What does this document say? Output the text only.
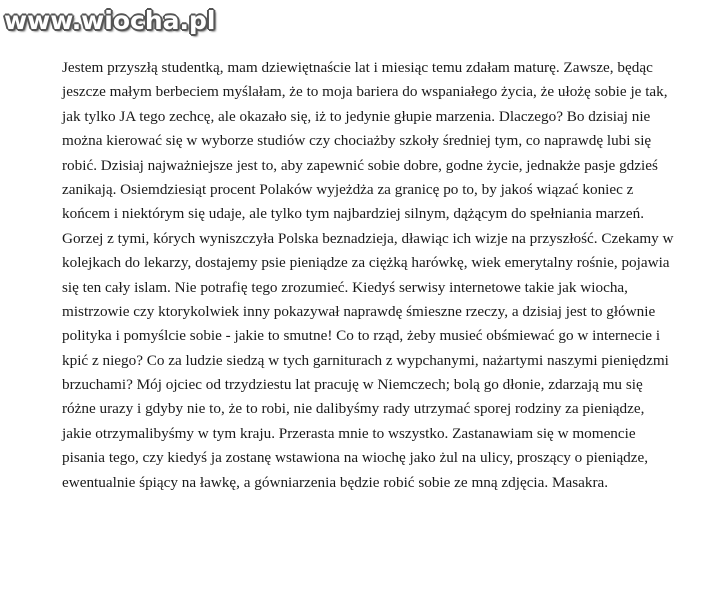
www.wiocha.pl
Jestem przyszłą studentką, mam dziewiętnaście lat i miesiąc temu zdałam maturę. Zawsze, będąc
jeszcze małym berbeciem myślałam, że to moja bariera do wspaniałego życia, że ułożę sobie je tak,
jak tylko JA tego zechcę, ale okazało się, iż to jedynie głupie marzenia. Dlaczego? Bo dzisiaj nie
można kierować się w wyborze studiów czy chociażby szkoły średniej tym, co naprawdę lubi się
robić. Dzisiaj najważniejsze jest to, aby zapewnić sobie dobre, godne życie, jednakże pasje gdzieś
zanikają. Osiemdziesiąt procent Polaków wyjeżdża za granicę po to, by jakoś wiązać koniec z
końcem i niektórym się udaje, ale tylko tym najbardziej silnym, dążącym do spełniania marzeń.
Gorzej z tymi, kórych wyniszczyła Polska beznadzieja, dławiąc ich wizje na przyszłość. Czekamy w
kolejkach do lekarzy, dostajemy psie pieniądze za ciężką harówkę, wiek emerytalny rośnie, pojawia
się ten cały islam. Nie potrafię tego zrozumieć. Kiedyś serwisy internetowe takie jak wiocha,
mistrzowie czy ktorykolwiek inny pokazywał naprawdę śmieszne rzeczy, a dzisiaj jest to głównie
polityka i pomyślcie sobie - jakie to smutne! Co to rząd, żeby musieć obśmiewać go w internecie i
kpić z niego? Co za ludzie siedzą w tych garniturach z wypchanymi, nażartymi naszymi pieniędzmi
brzuchami? Mój ojciec od trzydziestu lat pracuję w Niemczech; bolą go dłonie, zdarzają mu się
różne urazy i gdyby nie to, że to robi, nie dalibyśmy rady utrzymać sporej rodziny za pieniądze,
jakie otrzymalibyśmy w tym kraju. Przerasta mnie to wszystko. Zastanawiam się w momencie
pisania tego, czy kiedyś ja zostanę wstawiona na wiochę jako żul na ulicy, proszący o pieniądze,
ewentualnie śpiący na ławkę, a gówniarzenia będzie robić sobie ze mną zdjęcia. Masakra.
